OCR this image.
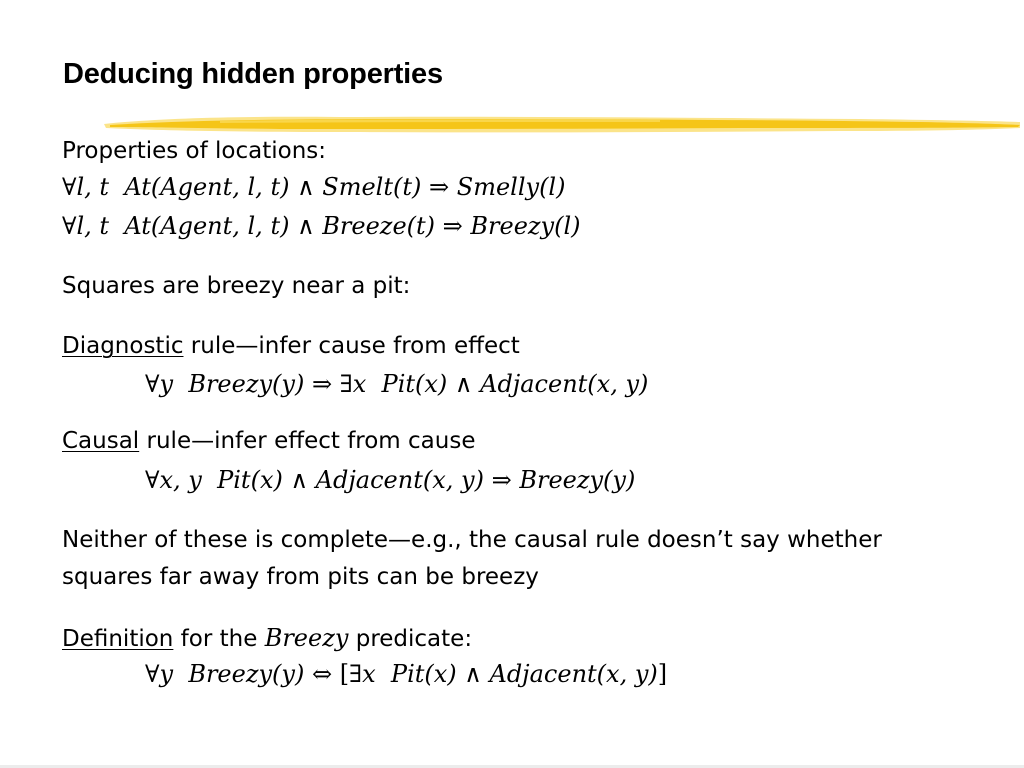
Deducing hidden properties
Properties of locations:
∀l, t At(Agent, l, t) ∧ Smelt(t) ⇒ Smelly(l)
∀l, t At(Agent, l, t) ∧ Breeze(t) ⇒ Breezy(l)
Squares are breezy near a pit:
Diagnostic rule—infer cause from effect
∀y Breezy(y) ⇒ ∃x Pit(x) ∧ Adjacent(x, y)
Causal rule—infer effect from cause
∀x, y Pit(x) ∧ Adjacent(x, y) ⇒ Breezy(y)
Neither of these is complete—e.g., the causal rule doesn’t say whether
squares far away from pits can be breezy
Definition for the Breezy predicate:
∀y Breezy(y) ⇔ [∃x Pit(x) ∧ Adjacent(x, y)]
